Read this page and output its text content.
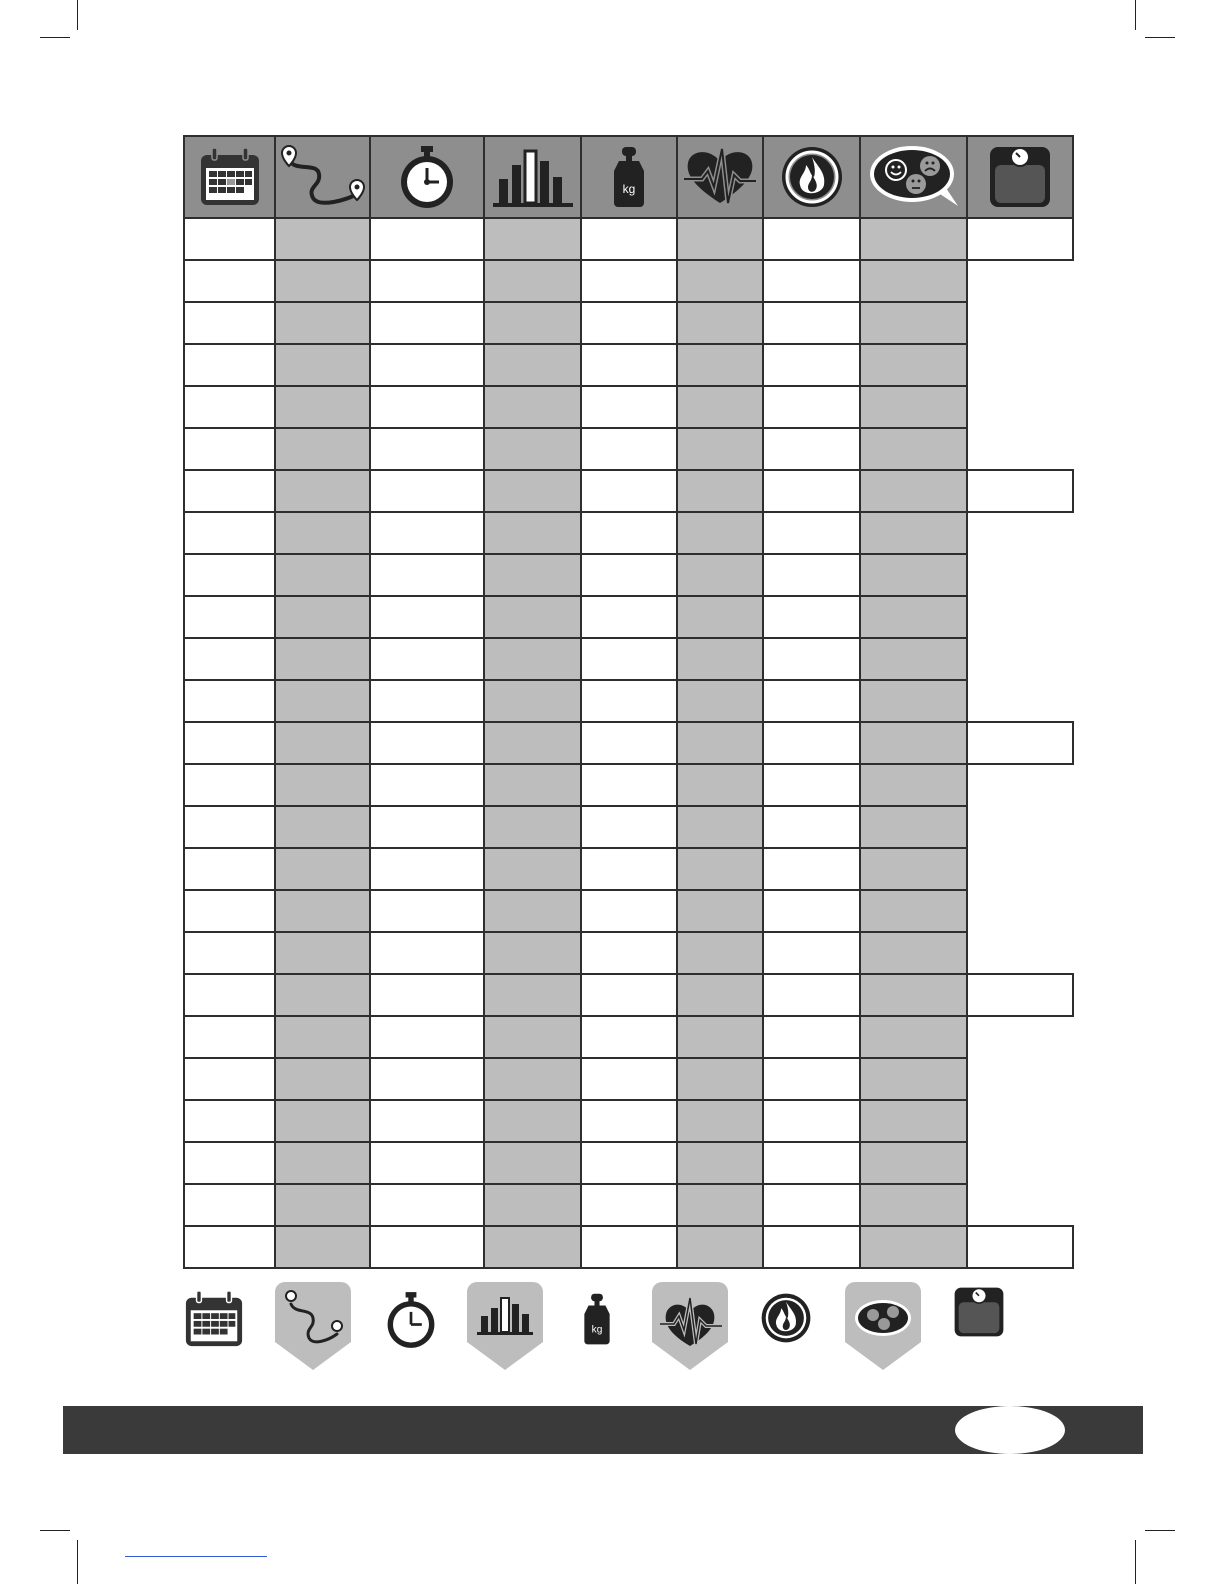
kg

kg
